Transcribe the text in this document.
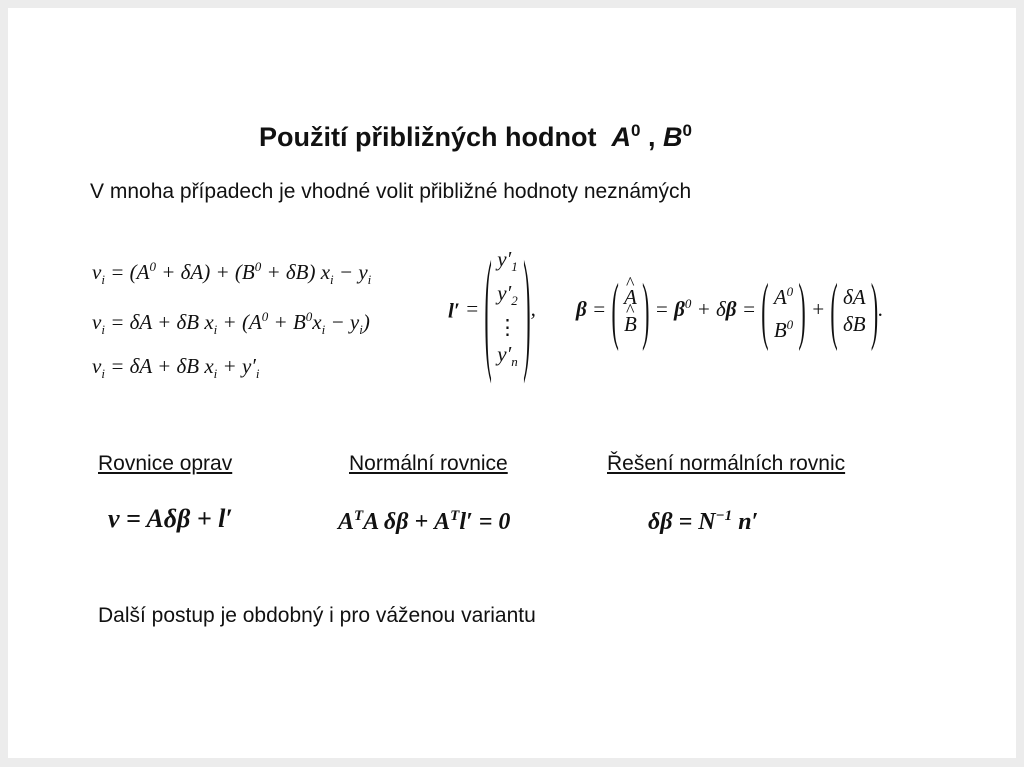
Použití přibližných hodnot $A^0$ , $B^0$
V mnoha případech je vhodné volit přibližné hodnoty neznámých
$v_i = (A^0 + \delta A) + (B^0 + \delta B) x_i - y_i$
$v_i = \delta A + \delta B$ $x_i + (A^0 + B^0x_i - y_i)$
$v_i = \delta A + \delta B$ $x_i + y'_i$
l′ = ( $y'_1$
$y'_2$
⋮
$y'_n$ ), β = (
^ A
^ B ) = $\beta^0 + \delta\beta$ = ( $A^0$
$B^0$ ) + ( δA
δB ).
Rovnice oprav	Normální rovnice	Řešení normálních rovnic
v = Aδβ + l′	$A^TA$ $\delta\beta + A^Tl' = 0$	$\delta\beta = N^{-1}$ n′
Další postup je obdobný i pro váženou variantu
